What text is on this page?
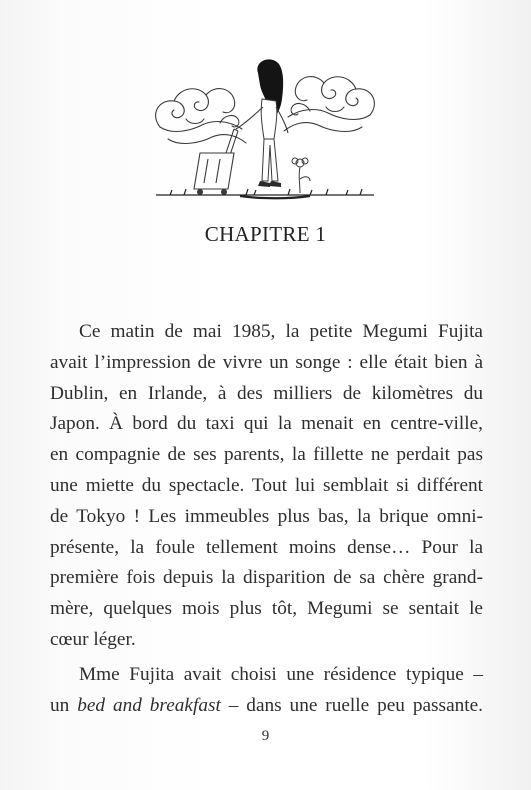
CHAPITRE 1

Ce matin de mai 1985, la petite Megumi Fujita
avait l’impression de vivre un songe : elle était bien à
Dublin, en Irlande, à des milliers de kilomètres du
Japon. À bord du taxi qui la menait en centre-ville,
en compagnie de ses parents, la fillette ne perdait pas
une miette du spectacle. Tout lui semblait si différent
de Tokyo ! Les immeubles plus bas, la brique omni-
présente, la foule tellement moins dense… Pour la
première fois depuis la disparition de sa chère grand-
mère, quelques mois plus tôt, Megumi se sentait le
cœur léger.

Mme Fujita avait choisi une résidence typique –
un bed and breakfast – dans une ruelle peu passante.

9
